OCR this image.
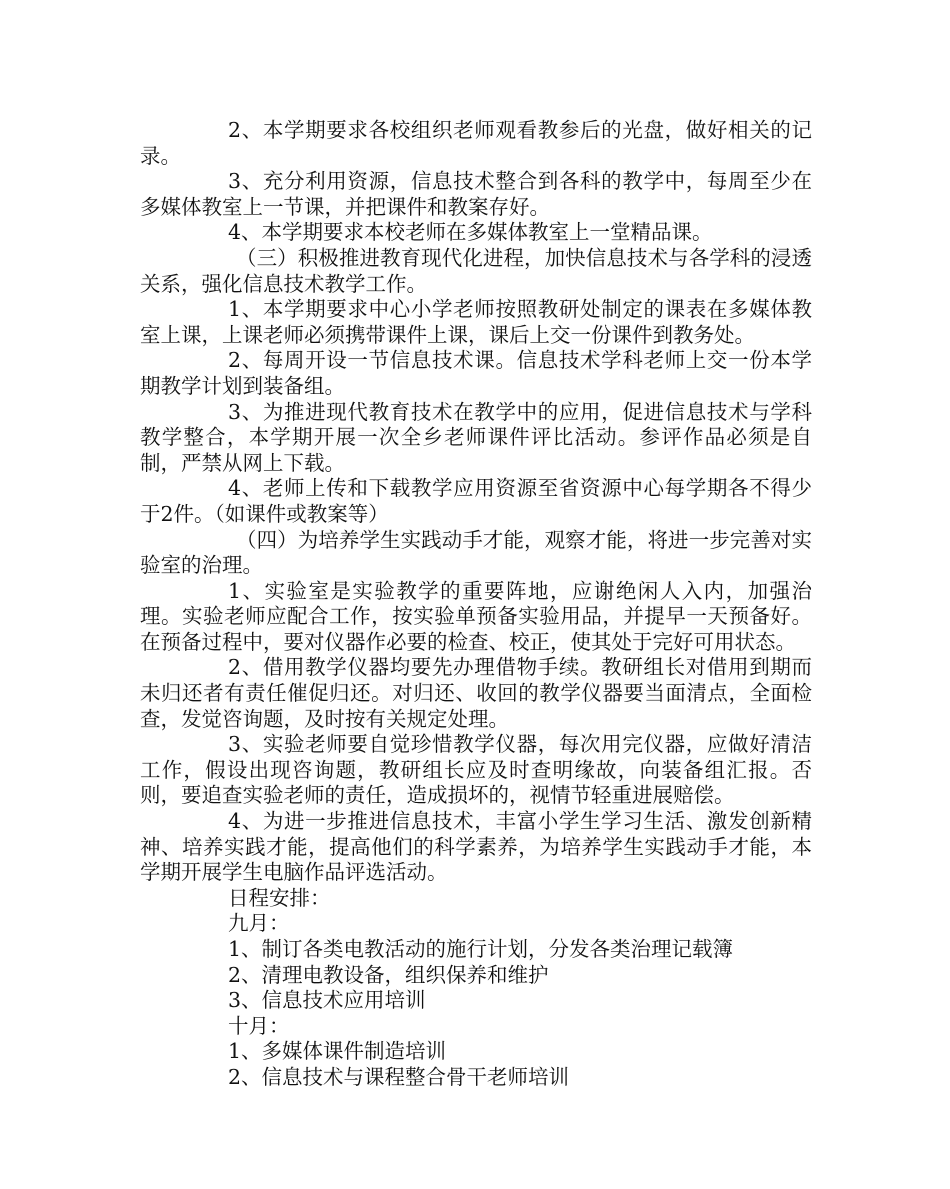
2、本学期要求各校组织老师观看教参后的光盘，做好相关的记录。

3、充分利用资源，信息技术整合到各科的教学中，每周至少在多媒体教室上一节课，并把课件和教案存好。

4、本学期要求本校老师在多媒体教室上一堂精品课。

（三）积极推进教育现代化进程，加快信息技术与各学科的浸透关系，强化信息技术教学工作。

1、本学期要求中心小学老师按照教研处制定的课表在多媒体教室上课，上课老师必须携带课件上课，课后上交一份课件到教务处。

2、每周开设一节信息技术课。信息技术学科老师上交一份本学期教学计划到装备组。

3、为推进现代教育技术在教学中的应用，促进信息技术与学科教学整合，本学期开展一次全乡老师课件评比活动。参评作品必须是自制，严禁从网上下载。

4、老师上传和下载教学应用资源至省资源中心每学期各不得少于2件。（如课件或教案等）

（四）为培养学生实践动手才能，观察才能，将进一步完善对实验室的治理。

1、实验室是实验教学的重要阵地，应谢绝闲人入内，加强治理。实验老师应配合工作，按实验单预备实验用品，并提早一天预备好。在预备过程中，要对仪器作必要的检查、校正，使其处于完好可用状态。

2、借用教学仪器均要先办理借物手续。教研组长对借用到期而未归还者有责任催促归还。对归还、收回的教学仪器要当面清点，全面检查，发觉咨询题，及时按有关规定处理。

3、实验老师要自觉珍惜教学仪器，每次用完仪器，应做好清洁工作，假设出现咨询题，教研组长应及时查明缘故，向装备组汇报。否则，要追查实验老师的责任，造成损坏的，视情节轻重进展赔偿。

4、为进一步推进信息技术，丰富小学生学习生活、激发创新精神、培养实践才能，提高他们的科学素养，为培养学生实践动手才能，本学期开展学生电脑作品评选活动。

日程安排：

九月：

1、制订各类电教活动的施行计划，分发各类治理记载簿

2、清理电教设备，组织保养和维护

3、信息技术应用培训

十月：

1、多媒体课件制造培训

2、信息技术与课程整合骨干老师培训
